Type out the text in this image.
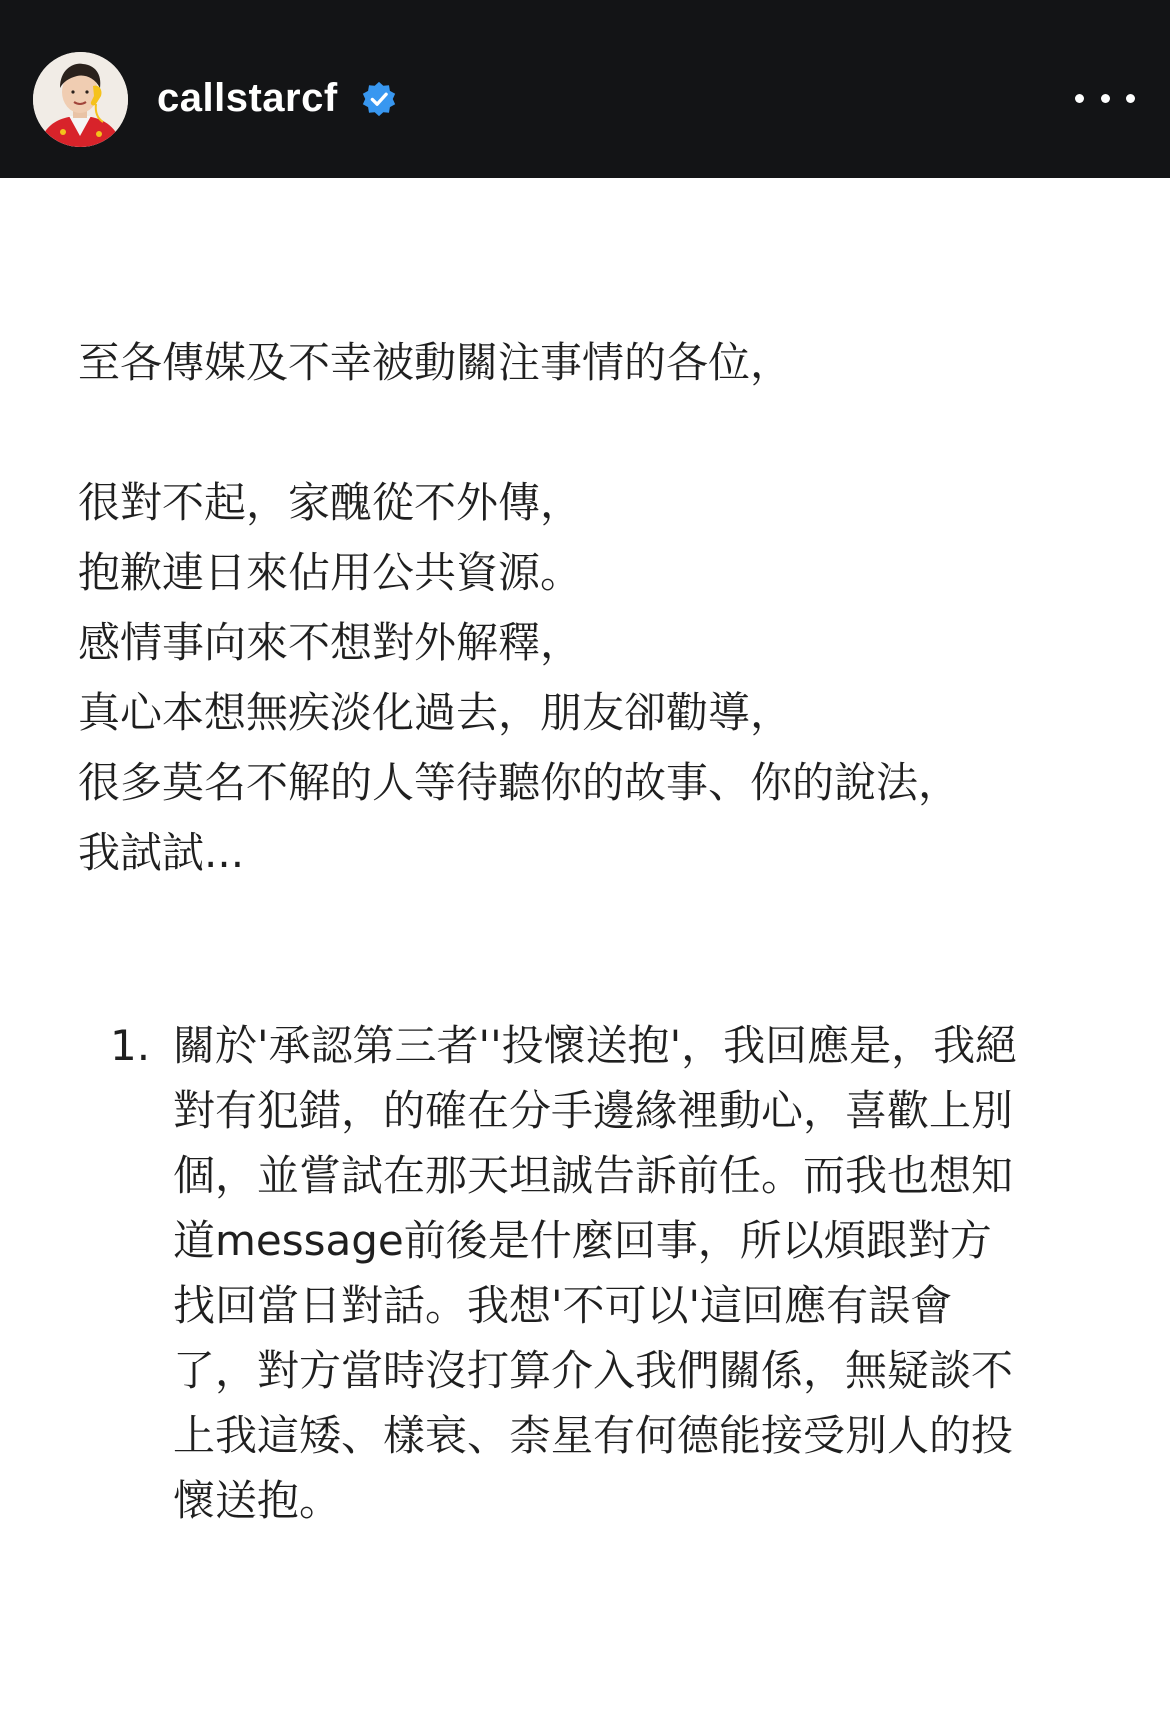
callstarcf
至各傳媒及不幸被動關注事情的各位，
很對不起，家醜從不外傳，
抱歉連日來佔用公共資源。
感情事向來不想對外解釋，
真心本想無疾淡化過去，朋友卻勸導，
很多莫名不解的人等待聽你的故事、你的說法，
我試試...
1. 關於'承認第三者''投懷送抱'，我回應是，我絕
對有犯錯，的確在分手邊緣裡動心，喜歡上別
個，並嘗試在那天坦誠告訴前任。而我也想知
道message前後是什麼回事，所以煩跟對方
找回當日對話。我想'不可以'這回應有誤會
了，對方當時沒打算介入我們關係，無疑談不
上我這矮、樣衰、柰星有何德能接受別人的投
懷送抱。
